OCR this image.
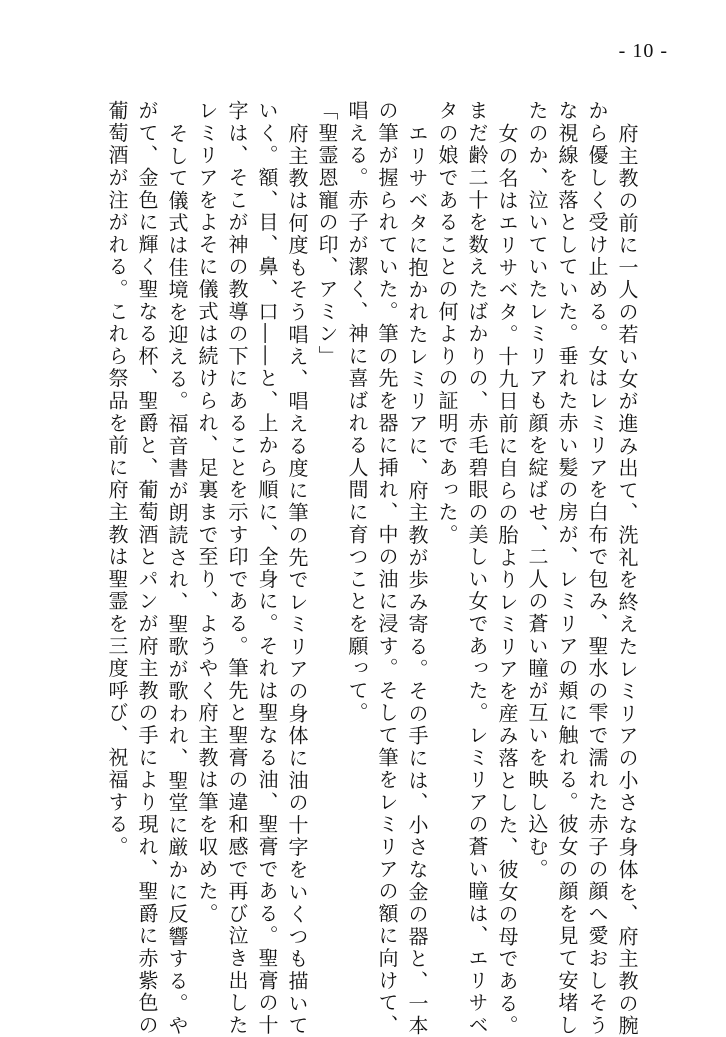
- 10 -
府主教の前に一人の若い女が進み出て、洗礼を終えたレミリアの小さな身体を、府主教の腕
から優しく受け止める。女はレミリアを白布で包み、聖水の雫で濡れた赤子の顔へ愛おしそう
な視線を落としていた。垂れた赤い髪の房が、レミリアの頬に触れる。彼女の顔を見て安堵し
たのか、泣いていたレミリアも顔を綻ばせ、二人の蒼い瞳が互いを映し込む。
女の名はエリサベタ。十九日前に自らの胎よりレミリアを産み落とした、彼女の母である。
まだ齢二十を数えたばかりの、赤毛碧眼の美しい女であった。レミリアの蒼い瞳は、エリサベ
タの娘であることの何よりの証明であった。
エリサベタに抱かれたレミリアに、府主教が歩み寄る。その手には、小さな金の器と、一本
の筆が握られていた。筆の先を器に挿れ、中の油に浸す。そして筆をレミリアの額に向けて、
唱える。赤子が潔く、神に喜ばれる人間に育つことを願って。
「聖霊恩寵の印、アミン」
府主教は何度もそう唱え、唱える度に筆の先でレミリアの身体に油の十字をいくつも描いて
いく。額、目、鼻、口――と、上から順に、全身に。それは聖なる油、聖膏である。聖膏の十
字は、そこが神の教導の下にあることを示す印である。筆先と聖膏の違和感で再び泣き出した
レミリアをよそに儀式は続けられ、足裏まで至り、ようやく府主教は筆を収めた。
そして儀式は佳境を迎える。福音書が朗読され、聖歌が歌われ、聖堂に厳かに反響する。や
がて、金色に輝く聖なる杯、聖爵と、葡萄酒とパンが府主教の手により現れ、聖爵に赤紫色の
葡萄酒が注がれる。これら祭品を前に府主教は聖霊を三度呼び、祝福する。
